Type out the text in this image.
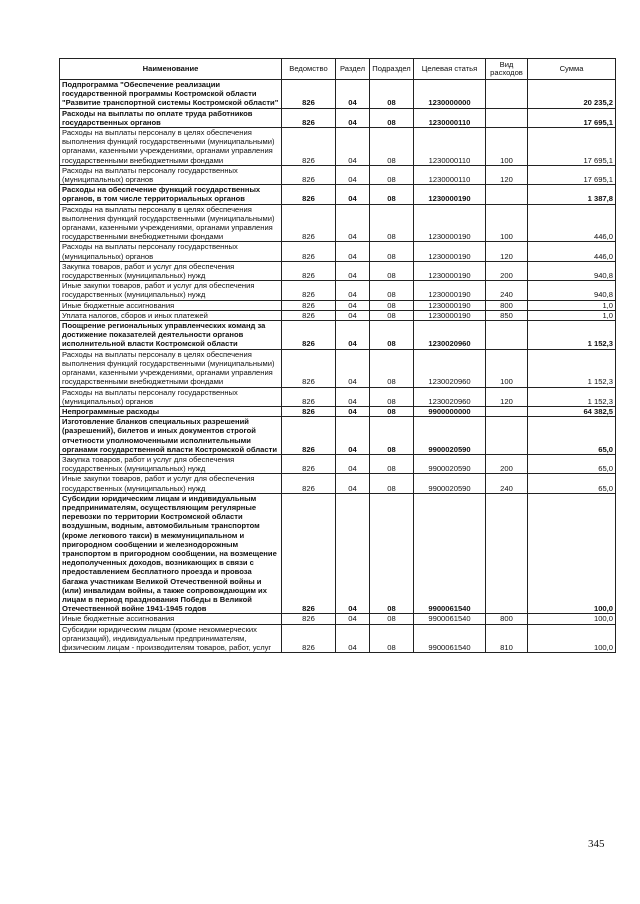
Наименование	Ведомство	Раздел	Подраздел	Целевая статья	Вид расходов	Сумма
Подпрограмма "Обеспечение реализации государственной программы Костромской области "Развитие транспортной системы Костромской области"	826	04	08	1230000000		20 235,2
Расходы на выплаты по оплате труда работников государственных органов	826	04	08	1230000110		17 695,1
Расходы на выплаты персоналу в целях обеспечения выполнения функций государственными (муниципальными) органами, казенными учреждениями, органами управления государственными внебюджетными фондами	826	04	08	1230000110	100	17 695,1
Расходы на выплаты персоналу государственных (муниципальных) органов	826	04	08	1230000110	120	17 695,1
Расходы на обеспечение функций государственных органов, в том числе территориальных органов	826	04	08	1230000190		1 387,8
Расходы на выплаты персоналу в целях обеспечения выполнения функций государственными (муниципальными) органами, казенными учреждениями, органами управления государственными внебюджетными фондами	826	04	08	1230000190	100	446,0
Расходы на выплаты персоналу государственных (муниципальных) органов	826	04	08	1230000190	120	446,0
Закупка товаров, работ и услуг для обеспечения государственных (муниципальных) нужд	826	04	08	1230000190	200	940,8
Иные закупки товаров, работ и услуг для обеспечения государственных (муниципальных) нужд	826	04	08	1230000190	240	940,8
Иные бюджетные ассигнования	826	04	08	1230000190	800	1,0
Уплата налогов, сборов и иных платежей	826	04	08	1230000190	850	1,0
Поощрение региональных управленческих команд за достижение показателей деятельности органов исполнительной власти Костромской области	826	04	08	1230020960		1 152,3
Расходы на выплаты персоналу в целях обеспечения выполнения функций государственными (муниципальными) органами, казенными учреждениями, органами управления государственными внебюджетными фондами	826	04	08	1230020960	100	1 152,3
Расходы на выплаты персоналу государственных (муниципальных) органов	826	04	08	1230020960	120	1 152,3
Непрограммные расходы	826	04	08	9900000000		64 382,5
Изготовление бланков специальных разрешений (разрешений), билетов и иных документов строгой отчетности уполномоченными исполнительными органами государственной власти Костромской области	826	04	08	9900020590		65,0
Закупка товаров, работ и услуг для обеспечения государственных (муниципальных) нужд	826	04	08	9900020590	200	65,0
Иные закупки товаров, работ и услуг для обеспечения государственных (муниципальных) нужд	826	04	08	9900020590	240	65,0
Субсидии юридическим лицам и индивидуальным предпринимателям, осуществляющим регулярные перевозки по территории Костромской области воздушным, водным, автомобильным транспортом (кроме легкового такси) в межмуниципальном и пригородном сообщении и железнодорожным транспортом в пригородном сообщении, на возмещение недополученных доходов, возникающих в связи с предоставлением бесплатного проезда и провоза багажа участникам Великой Отечественной войны и (или) инвалидам войны, а также сопровождающим их лицам в период празднования Победы в Великой Отечественной войне 1941-1945 годов	826	04	08	9900061540		100,0
Иные бюджетные ассигнования	826	04	08	9900061540	800	100,0
Субсидии юридическим лицам (кроме некоммерческих организаций), индивидуальным предпринимателям, физическим лицам - производителям товаров, работ, услуг	826	04	08	9900061540	810	100,0
345
